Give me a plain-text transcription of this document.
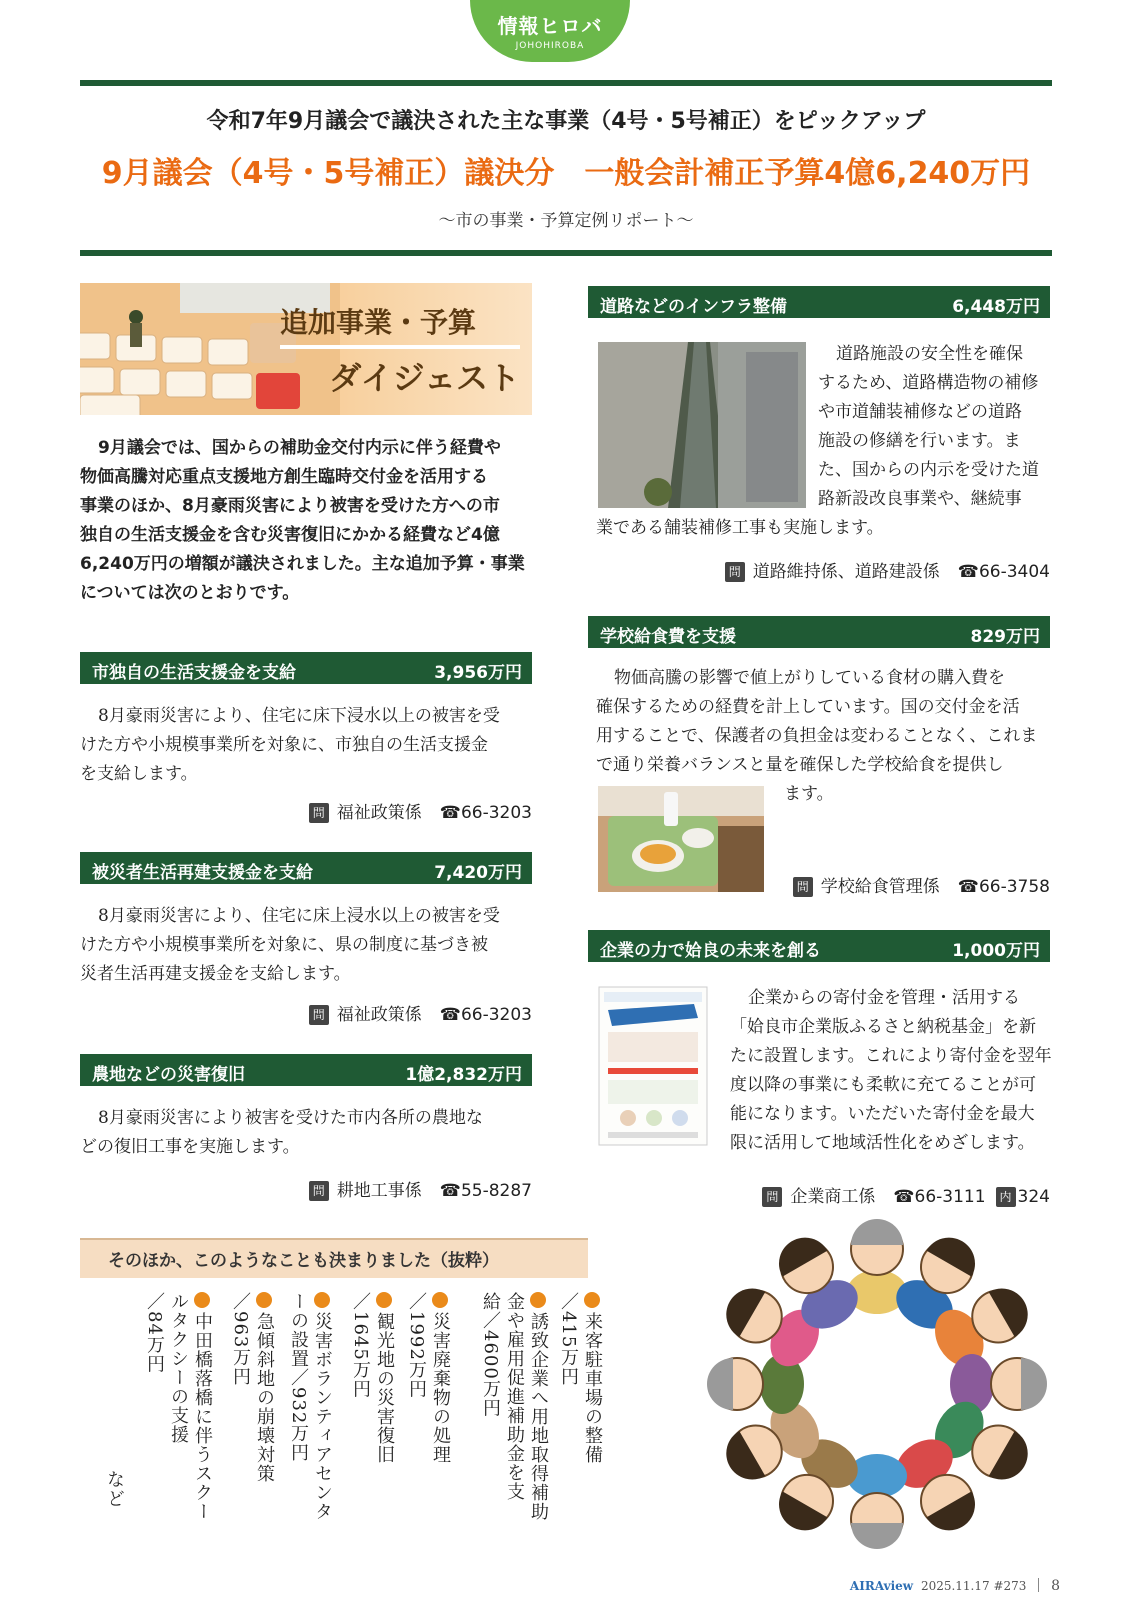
情報ヒロバ
JOHOHIROBA
令和7年9月議会で議決された主な事業（4号・5号補正）をピックアップ
9月議会（4号・5号補正）議決分　一般会計補正予算4億6,240万円
～市の事業・予算定例リポート～
追加事業・予算
ダイジェスト
9月議会では、国からの補助金交付内示に伴う経費や
物価高騰対応重点支援地方創生臨時交付金を活用する
事業のほか、8月豪雨災害により被害を受けた方への市
独自の生活支援金を含む災害復旧にかかる経費など4億
6,240万円の増額が議決されました。主な追加予算・事業
については次のとおりです。
市独自の生活支援金を支給	3,956万円
8月豪雨災害により、住宅に床下浸水以上の被害を受
けた方や小規模事業所を対象に、市独自の生活支援金
を支給します。
問 福祉政策係 ☎66-3203
被災者生活再建支援金を支給	7,420万円
8月豪雨災害により、住宅に床上浸水以上の被害を受
けた方や小規模事業所を対象に、県の制度に基づき被
災者生活再建支援金を支給します。
問 福祉政策係 ☎66-3203
農地などの災害復旧	1億2,832万円
8月豪雨災害により被害を受けた市内各所の農地な
どの復旧工事を実施します。
問 耕地工事係 ☎55-8287
道路などのインフラ整備	6,448万円
道路施設の安全性を確保
するため、道路構造物の補修
や市道舗装補修などの道路
施設の修繕を行います。ま
た、国からの内示を受けた道
路新設改良事業や、継続事
業である舗装補修工事も実施します。
問 道路維持係、道路建設係 ☎66-3404
学校給食費を支援	829万円
物価高騰の影響で値上がりしている食材の購入費を
確保するための経費を計上しています。国の交付金を活
用することで、保護者の負担金は変わることなく、これま
で通り栄養バランスと量を確保した学校給食を提供し
ます。
問 学校給食管理係 ☎66-3758
企業の力で姶良の未来を創る	1,000万円
企業からの寄付金を管理・活用する
「姶良市企業版ふるさと納税基金」を新
たに設置します。これにより寄付金を翌年
度以降の事業にも柔軟に充てることが可
能になります。いただいた寄付金を最大
限に活用して地域活性化をめざします。
問 企業商工係 ☎66-3111 内 324
そのほか、このようなことも決まりました（抜粋）
来客駐車場の整備
／415万円
誘致企業へ用地取得補助
金や雇用促進補助金を支
給／4600万円
災害廃棄物の処理
／1992万円
観光地の災害復旧
／1645万円
災害ボランティアセンタ
ーの設置／932万円
急傾斜地の崩壊対策
／963万円
中田橋落橋に伴うスクー
ルタクシーの支援
／84万円
など
AIRAview 2025.11.17 #273 8
